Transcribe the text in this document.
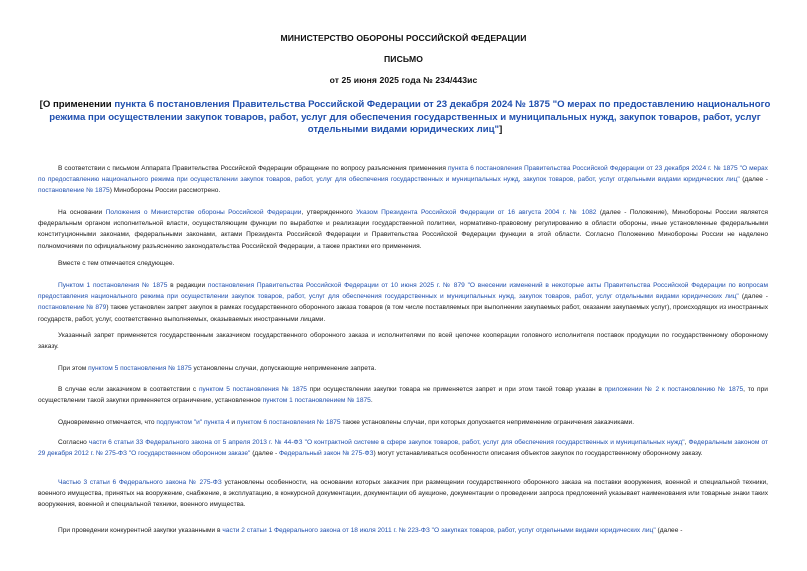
МИНИСТЕРСТВО ОБОРОНЫ РОССИЙСКОЙ ФЕДЕРАЦИИ
ПИСЬМО
от 25 июня 2025 года № 234/443ис
[О применении пункта 6 постановления Правительства Российской Федерации от 23 декабря 2024 № 1875 "О мерах по предоставлению национального режима при осуществлении закупок товаров, работ, услуг для обеспечения государственных и муниципальных нужд, закупок товаров, работ, услуг отдельными видами юридических лиц"]
В соответствии с письмом Аппарата Правительства Российской Федерации обращение по вопросу разъяснения применения пункта 6 постановления Правительства Российской Федерации от 23 декабря 2024 г. № 1875 "О мерах по предоставлению национального режима при осуществлении закупок товаров, работ, услуг для обеспечения государственных и муниципальных нужд, закупок товаров, работ, услуг отдельными видами юридических лиц" (далее - постановление № 1875) Минобороны России рассмотрено.
На основании Положения о Министерстве обороны Российской Федерации, утвержденного Указом Президента Российской Федерации от 16 августа 2004 г. № 1082 (далее - Положение), Минобороны России является федеральным органом исполнительной власти, осуществляющим функции по выработке и реализации государственной политики, нормативно-правовому регулированию в области обороны, иные установленные федеральными конституционными законами, федеральными законами, актами Президента Российской Федерации и Правительства Российской Федерации функции в этой области. Согласно Положению Минобороны России не наделено полномочиями по официальному разъяснению законодательства Российской Федерации, а также практики его применения.
Вместе с тем отмечается следующее.
Пунктом 1 постановления № 1875 в редакции постановления Правительства Российской Федерации от 10 июня 2025 г. № 879 "О внесении изменений в некоторые акты Правительства Российской Федерации по вопросам предоставления национального режима при осуществлении закупок товаров, работ, услуг для обеспечения государственных и муниципальных нужд, закупок товаров, работ, услуг отдельными видами юридических лиц" (далее - постановление № 879) также установлен запрет закупок в рамках государственного оборонного заказа товаров (в том числе поставляемых при выполнении закупаемых работ, оказании закупаемых услуг), происходящих из иностранных государств, работ, услуг, соответственно выполняемых, оказываемых иностранными лицами.
Указанный запрет применяется государственным заказчиком государственного оборонного заказа и исполнителями по всей цепочке кооперации головного исполнителя поставок продукции по государственному оборонному заказу.
При этом пунктом 5 постановления № 1875 установлены случаи, допускающие неприменение запрета.
В случае если заказчиком в соответствии с пунктом 5 постановления № 1875 при осуществлении закупки товара не применяется запрет и при этом такой товар указан в приложении № 2 к постановлению № 1875, то при осуществлении такой закупки применяется ограничение, установленное пунктом 1 постановлением № 1875.
Одновременно отмечается, что подпунктом "и" пункта 4 и пунктом 6 постановления № 1875 также установлены случаи, при которых допускается неприменение ограничения заказчиками.
Согласно части 6 статьи 33 Федерального закона от 5 апреля 2013 г. № 44-ФЗ "О контрактной системе в сфере закупок товаров, работ, услуг для обеспечения государственных и муниципальных нужд", Федеральным законом от 29 декабря 2012 г. № 275-ФЗ "О государственном оборонном заказе" (далее - Федеральный закон № 275-ФЗ) могут устанавливаться особенности описания объектов закупок по государственному оборонному заказу.
Частью 3 статьи 6 Федерального закона № 275-ФЗ установлены особенности, на основании которых заказчик при размещении государственного оборонного заказа на поставки вооружения, военной и специальной техники, военного имущества, принятых на вооружение, снабжение, в эксплуатацию, в конкурсной документации, документации об аукционе, документации о проведении запроса предложений указывает наименования или товарные знаки таких вооружения, военной и специальной техники, военного имущества.
При проведении конкурентной закупки указанными в части 2 статьи 1 Федерального закона от 18 июля 2011 г. № 223-ФЗ "О закупках товаров, работ, услуг отдельными видами юридических лиц" (далее -
